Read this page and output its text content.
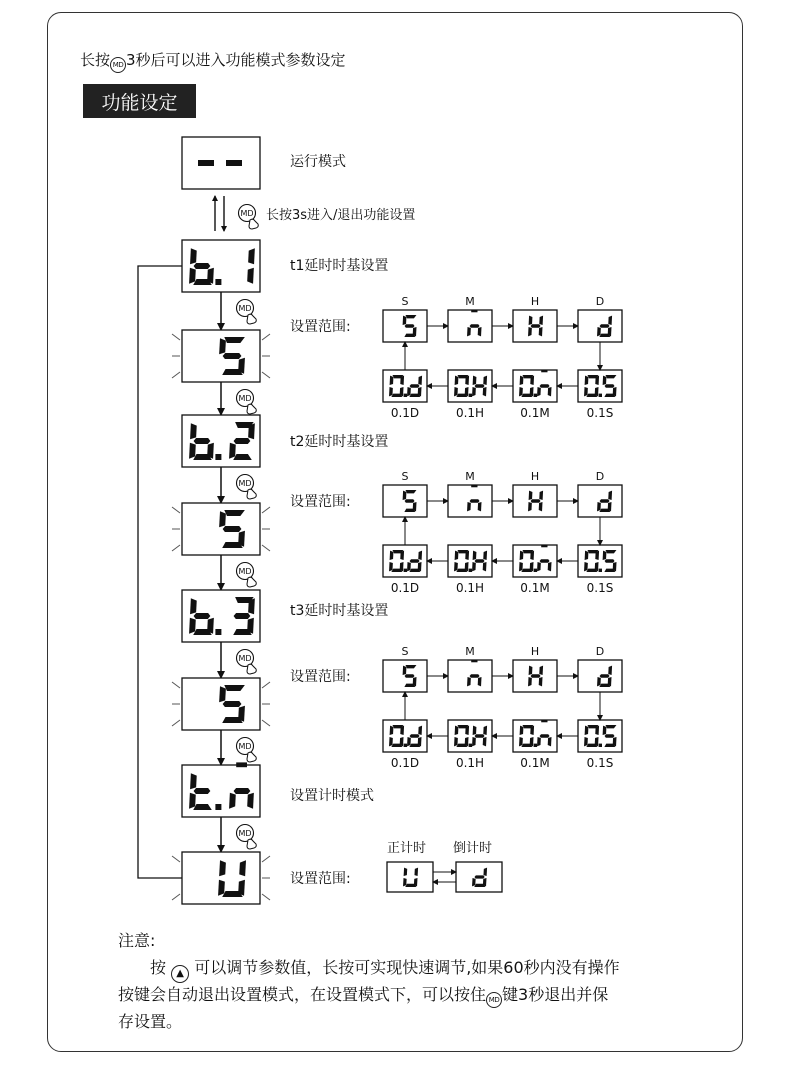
长按 MD 3秒后可以进入功能模式参数设定
功能设定
MD
MD
MD
MD
MD
MD
MD
MD
S
0.1D
M
0.1H
H
0.1M
D
0.1S
S
0.1D
M
0.1H
H
0.1M
D
0.1S
S
0.1D
M
0.1H
H
0.1M
D
0.1S
运行模式
长按3s进入/退出功能设置
t1延时时基设置
t2延时时基设置
t3延时时基设置
设置计时模式
设置范围:
设置范围:
设置范围:
设置范围:
正计时 倒计时
注意:
按 ▲ 可以调节参数值，长按可实现快速调节,如果60秒内没有操作
按键会自动退出设置模式，在设置模式下，可以按住 MD 键3秒退出并保
存设置。
